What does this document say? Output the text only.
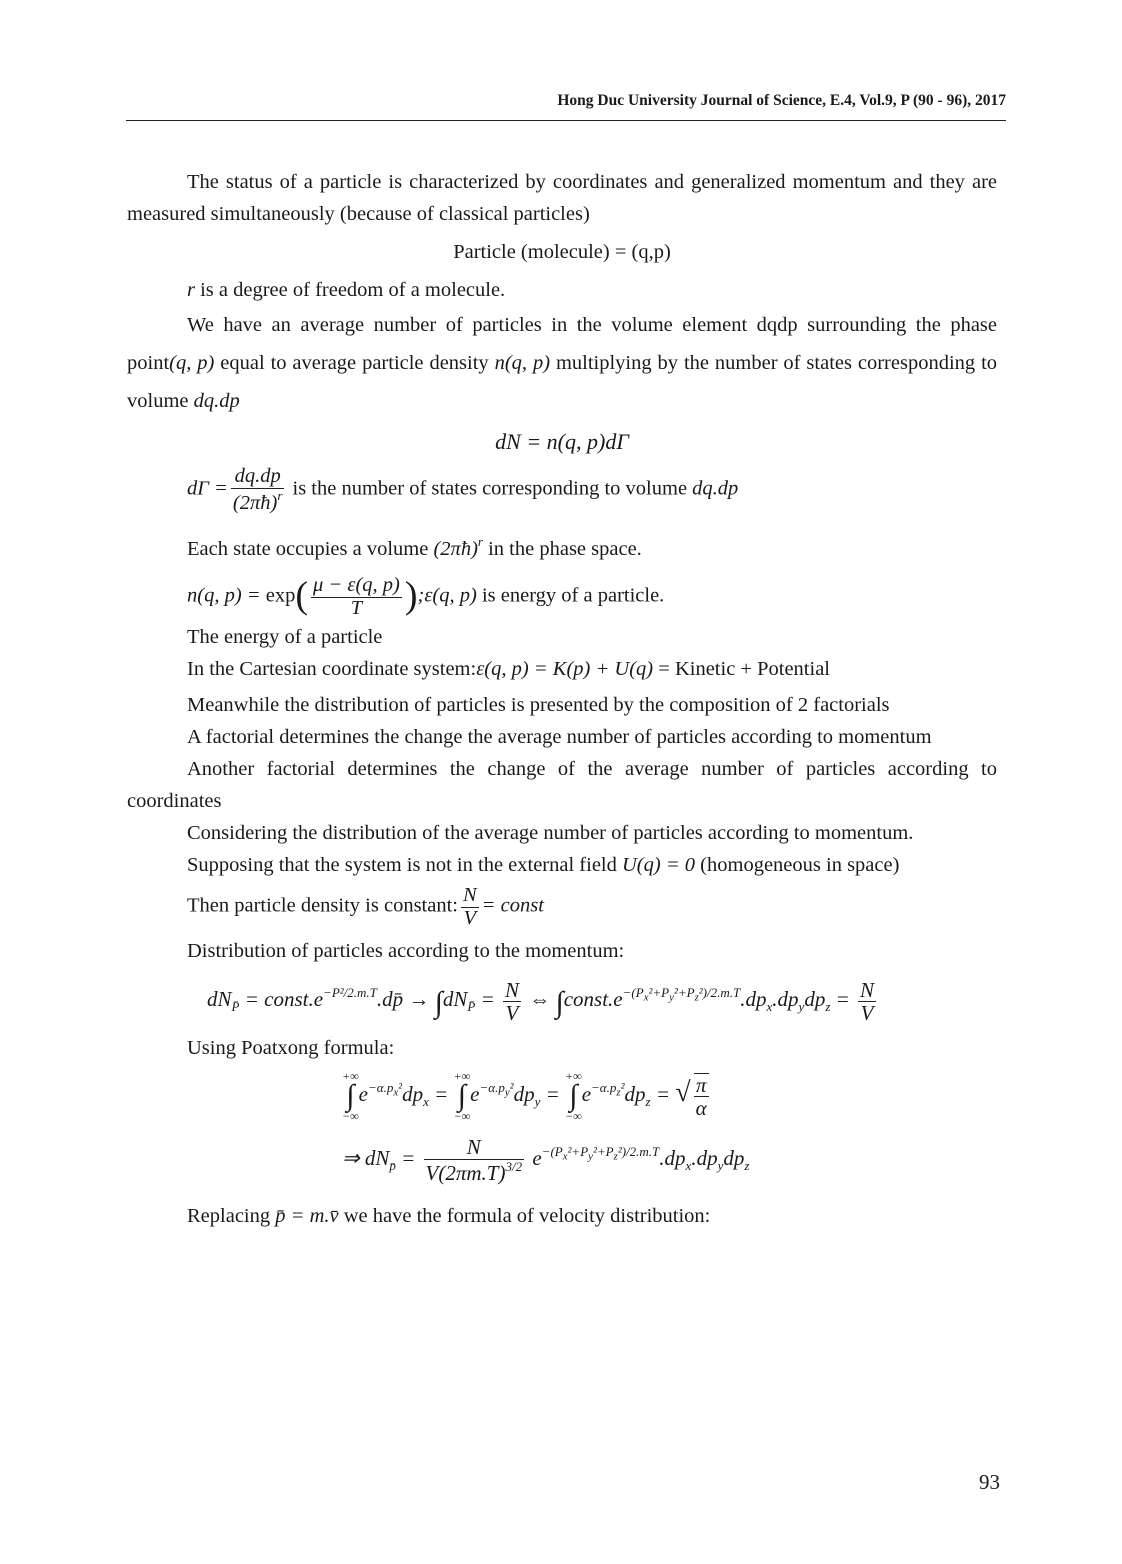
Hong Duc University Journal of Science, E.4, Vol.9, P (90 - 96), 2017

The status of a particle is characterized by coordinates and generalized momentum and they are measured simultaneously (because of classical particles)

Particle (molecule) = (q,p)

r is a degree of freedom of a molecule.

We have an average number of particles in the volume element dqdp surrounding the phase point(q, p) equal to average particle density n(q, p) multiplying by the number of states corresponding to volume dq.dp

dN = n(q, p)dΓ

$d\Gamma = \frac{dq.dp}{(2\pi ħ)^r}$ is the number of states corresponding to volume dq.dp

Each state occupies a volume (2πħ)$^r$ in the phase space.

n(q, $p) = \exp( \frac{\mu - \varepsilon(q, p)}{T}$ );ε(q, p) is energy of a particle.

The energy of a particle

In the Cartesian coordinate system:ε(q, p) = K(p) + U(q) = Kinetic + Potential

Meanwhile the distribution of particles is presented by the composition of 2 factorials

A factorial determines the change the average number of particles according to momentum

Another factorial determines the change of the average number of particles according to coordinates

Considering the distribution of the average number of particles according to momentum.

Supposing that the system is not in the external field U(q) = 0 (homogeneous in space)

Then particle density is constant: $\frac{N}{V}$ = const

Distribution of particles according to the momentum:

$dN_{P̄}$ = $const.e^{-P^2/2.m.T}.dp̄ \to \int dN_{P̄} = \frac{N}{V}$ ⇔ $\int const.e^{-(P_x^2+P_y^2+P_z^2)/2.m.T}.dp_x.dp_ydp_z = \frac{N}{V}$

Using Poatxong formula:

+∞
∫
$-\infty e^{-\alpha.p_x^2}dp_x$ = +∞
∫
$-\infty e^{-\alpha.p_y^2}dp_y$ = +∞
∫
$-\infty e^{-\alpha.p_z^2}dp_z$ = √ $\frac{\pi}{\alpha}$

⇒ $dN_{p̄} = \frac{N}{V(2\pi m.T)^{3/2}} e^{-(P_x^2+P_y^2+P_z^2)/2.m.T}.dp_x.dp_ydp_z$

Replacing p̄ = m.v̄ we have the formula of velocity distribution:

93
